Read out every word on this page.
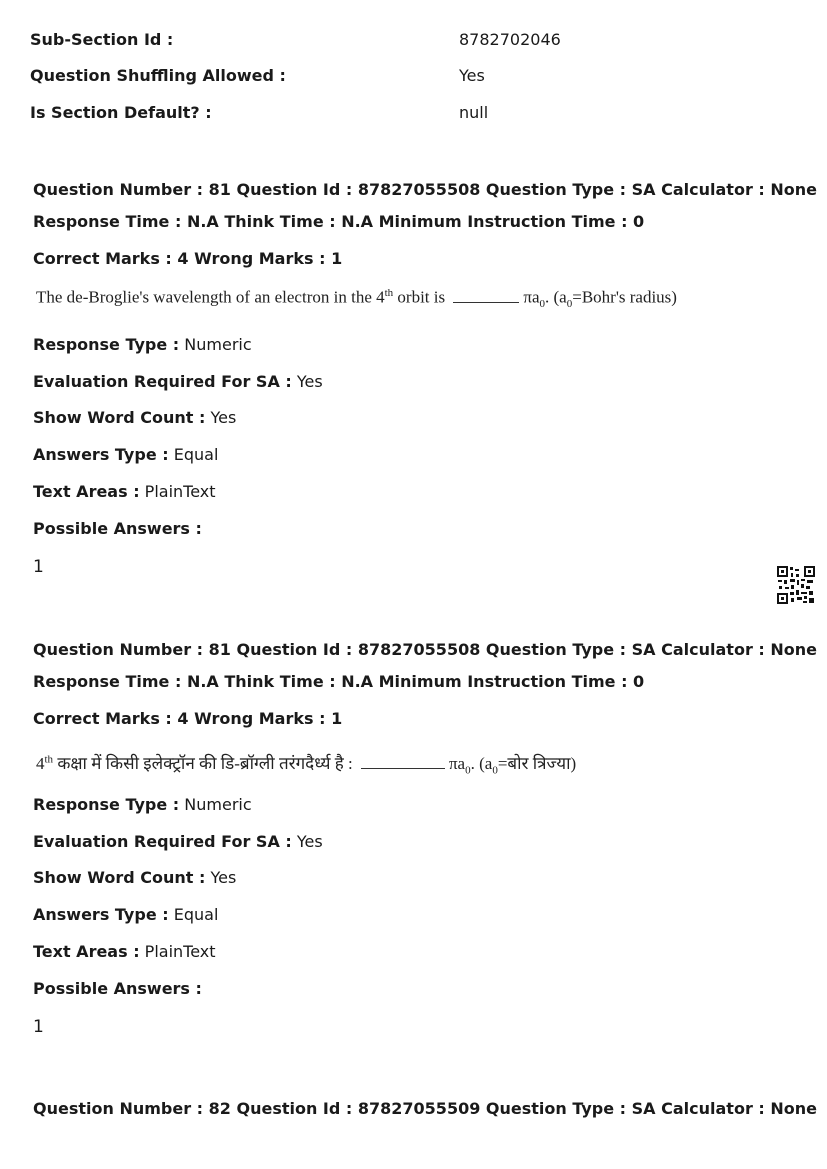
Sub-Section Id :	8782702046
Question Shuffling Allowed :	Yes
Is Section Default? :	null
Question Number : 81 Question Id : 87827055508 Question Type : SA Calculator : None
Response Time : N.A Think Time : N.A Minimum Instruction Time : 0
Correct Marks : 4 Wrong Marks : 1
The de-Broglie's wavelength of an electron in the 4th orbit is	$\pi a_0$. ($a_0=Bohr's$ radius)
Response Type : Numeric
Evaluation Required For SA : Yes
Show Word Count : Yes
Answers Type : Equal
Text Areas : PlainText
Possible Answers :
1
Question Number : 81 Question Id : 87827055508 Question Type : SA Calculator : None
Response Time : N.A Think Time : N.A Minimum Instruction Time : 0
Correct Marks : 4 Wrong Marks : 1
4th कक्षा में किसी इलेक्ट्रॉन की डि-ब्रॉग्ली तरंगदैर्ध्य है :	$\pi a_0$. ($a_0=बोर$ त्रिज्या)
Response Type : Numeric
Evaluation Required For SA : Yes
Show Word Count : Yes
Answers Type : Equal
Text Areas : PlainText
Possible Answers :
1
Question Number : 82 Question Id : 87827055509 Question Type : SA Calculator : None
